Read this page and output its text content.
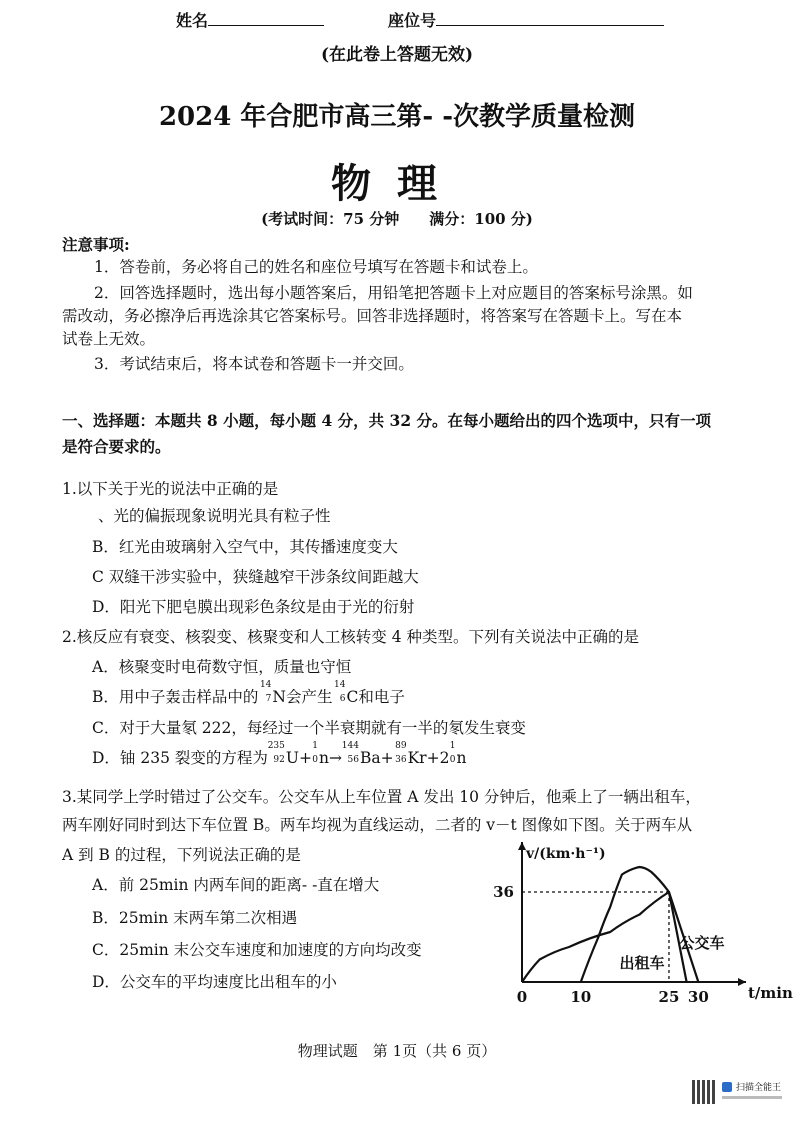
姓名	座位号
(在此卷上答题无效)
2024 年合肥市高三第- -次教学质量检测
物理
(考试时间：75 分钟　　满分：100 分)
注意事项:
1．答卷前，务必将自己的姓名和座位号填写在答题卡和试卷上。
2．回答选择题时，选出每小题答案后，用铅笔把答题卡上对应题目的答案标号涂黑。如
需改动，务必擦净后再选涂其它答案标号。回答非选择题时，将答案写在答题卡上。写在本
试卷上无效。
3．考试结束后，将本试卷和答题卡一并交回。
一、选择题：本题共 8 小题，每小题 4 分，共 32 分。在每小题给出的四个选项中，只有一项
是符合要求的。
1.以下关于光的说法中正确的是
、光的偏振现象说明光具有粒子性
B．红光由玻璃射入空气中，其传播速度变大
C 双缝干涉实验中，狭缝越窄干涉条纹间距越大
D．阳光下肥皂膜出现彩色条纹是由于光的衍射
2.核反应有衰变、核裂变、核聚变和人工核转变 4 种类型。下列有关说法中正确的是
A．核聚变时电荷数守恒，质量也守恒
B．用中子轰击样品中的
14
7 N会产生
14
6 C和电子
C．对于大量氡 222，每经过一个半衰期就有一半的氡发生衰变
D．铀 235 裂变的方程为
235
92 U+
1
0 n→
144
56 Ba+
89
36 Kr+2
1
0 n
3.某同学上学时错过了公交车。公交车从上车位置 A 发出 10 分钟后，他乘上了一辆出租车，
两车刚好同时到达下车位置 B。两车均视为直线运动，二者的 v－t 图像如下图。关于两车从
A 到 B 的过程，下列说法正确的是
A．前 25min 内两车间的距离- -直在增大
B．25min 末两车第二次相遇
C．25min 末公交车速度和加速度的方向均改变
D．公交车的平均速度比出租车的小
v/(km·h⁻¹)
t/min
0	10	25 30
36
公交车
出租车
物理试题　第 1页（共 6 页）
扫描全能王
